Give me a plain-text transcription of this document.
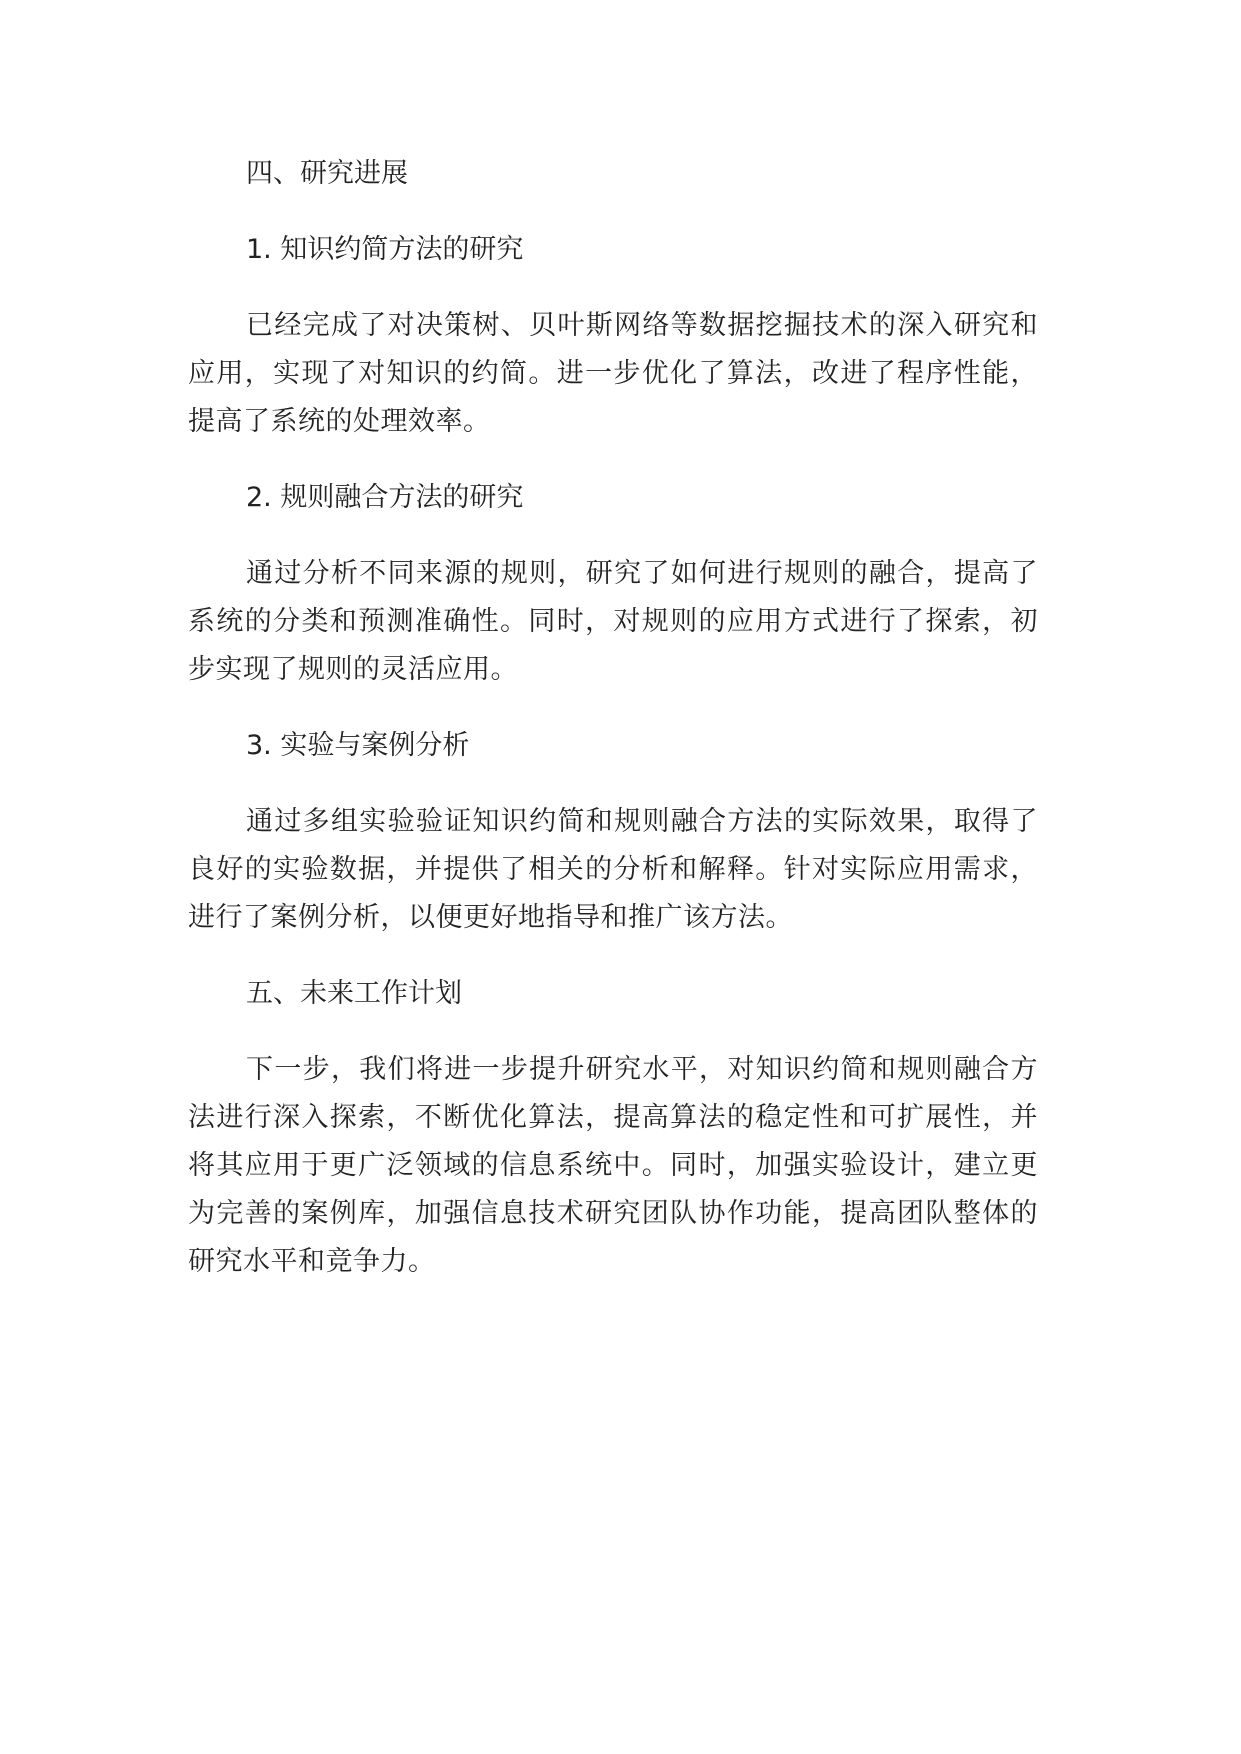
四、研究进展
1. 知识约简方法的研究

已经完成了对决策树、贝叶斯网络等数据挖掘技术的深入研究和应用，实现了对知识的约简。进一步优化了算法，改进了程序性能，提高了系统的处理效率。

2. 规则融合方法的研究

通过分析不同来源的规则，研究了如何进行规则的融合，提高了系统的分类和预测准确性。同时，对规则的应用方式进行了探索，初步实现了规则的灵活应用。

3. 实验与案例分析

通过多组实验验证知识约简和规则融合方法的实际效果，取得了良好的实验数据，并提供了相关的分析和解释。针对实际应用需求，进行了案例分析，以便更好地指导和推广该方法。

五、未来工作计划

下一步，我们将进一步提升研究水平，对知识约简和规则融合方法进行深入探索，不断优化算法，提高算法的稳定性和可扩展性，并将其应用于更广泛领域的信息系统中。同时，加强实验设计，建立更为完善的案例库，加强信息技术研究团队协作功能，提高团队整体的研究水平和竞争力。
